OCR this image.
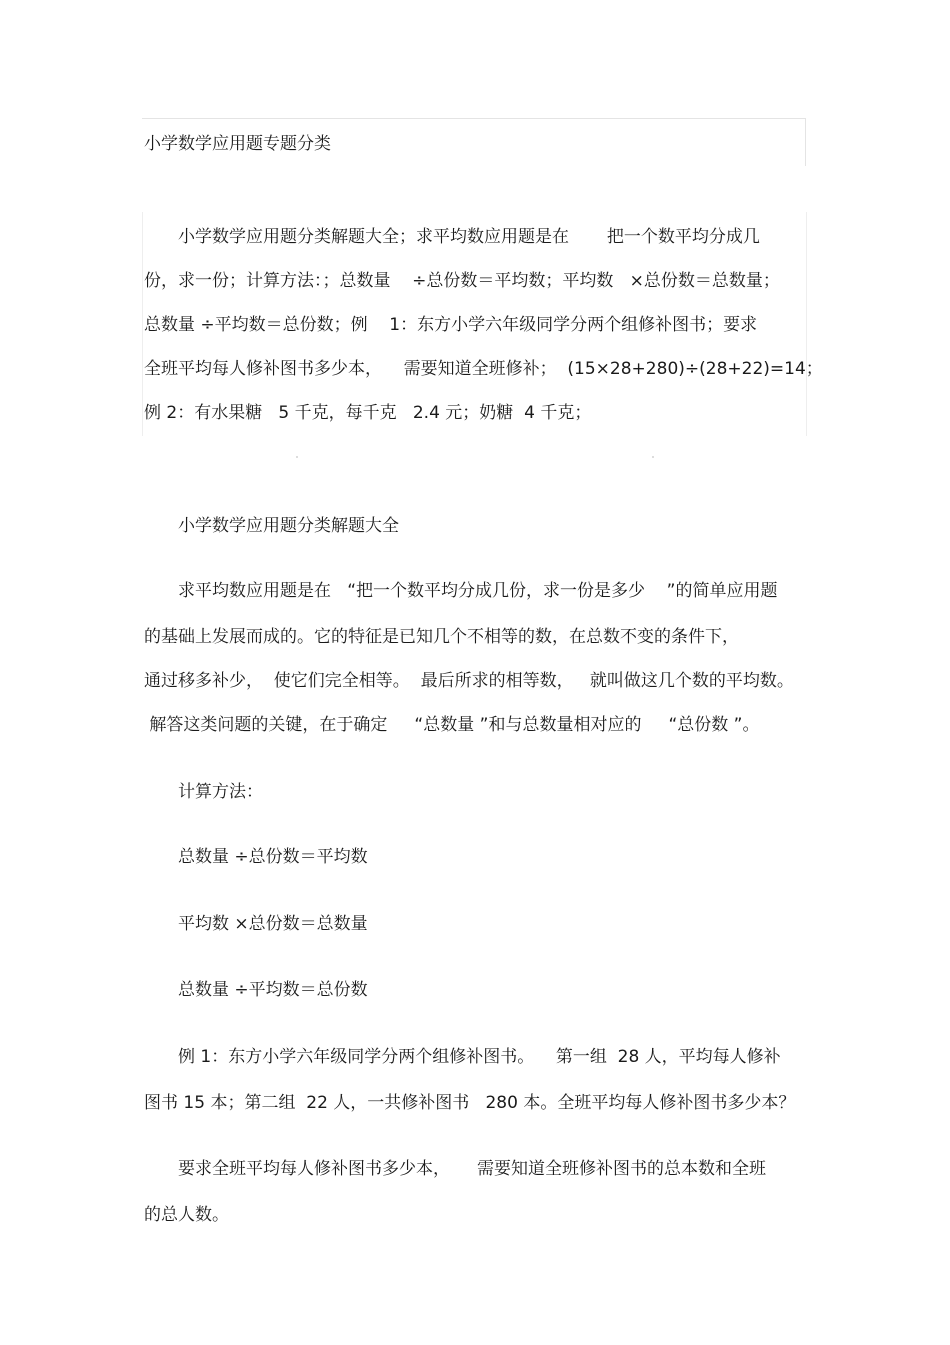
小学数学应用题专题分类
小学数学应用题分类解题大全；求平均数应用题是在       把一个数平均分成几
份，求一份；计算方法：；总数量    ÷总份数＝平均数；平均数   ×总份数＝总数量；
总数量 ÷平均数＝总份数；例    1：东方小学六年级同学分两个组修补图书；要求
全班平均每人修补图书多少本，    需要知道全班修补；  (15×28+280)÷(28+22)=14；
例 2：有水果糖   5 千克，每千克   2.4 元；奶糖  4 千克；
小学数学应用题分类解题大全
求平均数应用题是在   “把一个数平均分成几份，求一份是多少    ”的简单应用题
的基础上发展而成的。它的特征是已知几个不相等的数，在总数不变的条件下，
通过移多补少，  使它们完全相等。  最后所求的相等数，   就叫做这几个数的平均数。
解答这类问题的关键，在于确定     “总数量 ”和与总数量相对应的     “总份数 ”。
计算方法：
总数量 ÷总份数＝平均数
平均数 ×总份数＝总数量
总数量 ÷平均数＝总份数
例 1：东方小学六年级同学分两个组修补图书。    第一组  28 人，平均每人修补
图书 15 本；第二组  22 人，一共修补图书   280 本。全班平均每人修补图书多少本？
要求全班平均每人修补图书多少本，     需要知道全班修补图书的总本数和全班
的总人数。
